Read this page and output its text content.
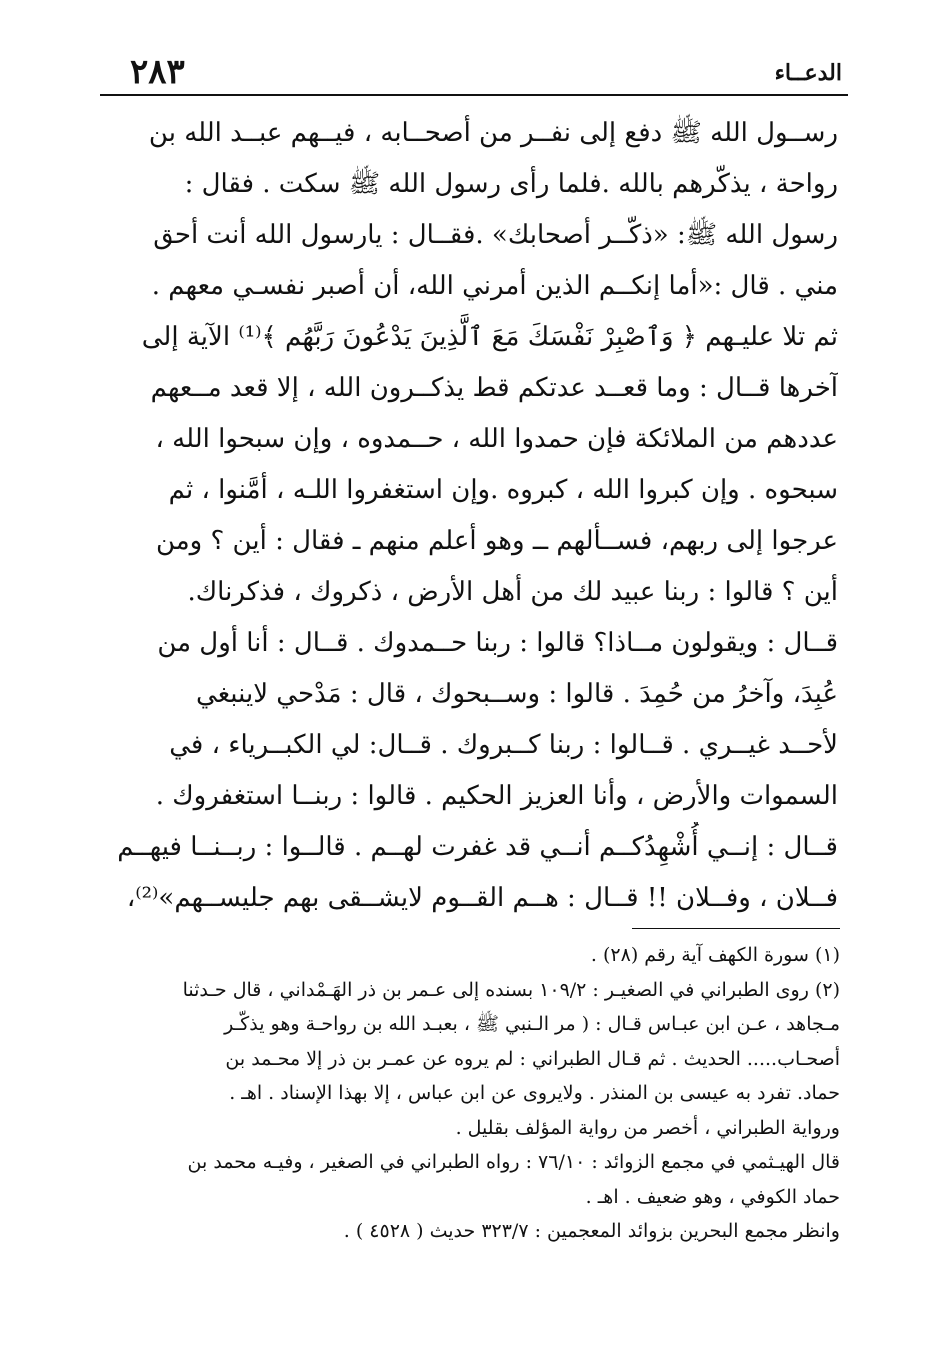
٢٨٣	الدعــاء
رســول الله ﷺ دفع إلى نفــر من أصحــابه ، فيــهم عبــد الله بن
رواحة ، يذكّرهم بالله .فلما رأى رسول الله ﷺ سكت . فقال :
رسول الله ﷺ: «ذكّــر أصحابك» .فقــال : يارسول الله أنت أحق
مني . قال :«أما إنكــم الذين أمرني الله، أن أصبر نفسـي معهم .
ثم تلا عليـهم ﴿ وَٱصْبِرْ نَفْسَكَ مَعَ ٱلَّذِينَ يَدْعُونَ رَبَّهُم ﴾⁽¹⁾ الآية إلى
آخرها قــال : وما قعــد عدتكم قط يذكــرون الله ، إلا قعد مــعهم
عددهم من الملائكة فإن حمدوا الله ، حــمدوه ، وإن سبحوا الله ،
سبحوه . وإن كبروا الله ، كبروه .وإن استغفروا اللـه ، أمَّنوا ، ثم
عرجوا إلى ربهم، فســألهم ــ وهو أعلم منهم ـ فقال : أين ؟ ومن
أين ؟ قالوا : ربنا عبيد لك من أهل الأرض ، ذكروك ، فذكرناك.
قــال : ويقولون مــاذا؟ قالوا : ربنا حــمدوك . قــال : أنا أول من
عُبِدَ، وآخرُ من حُمِدَ . قالوا : وســبحوك ، قال : مَدْحي لاينبغي
لأحــد غيــري . قــالوا : ربنا كــبروك . قــال: لي الكبــرياء ، في
السموات والأرض ، وأنا العزيز الحكيم . قالوا : ربنــا استغفروك .
قــال : إنــي أُشْهِدُكــم أنــي قد غفرت لهــم . قالــوا : ربــنــا فيهــم
فــلان ، وفــلان !! قــال : هــم القــوم لايشــقى بهم جليســهم»⁽²⁾،
(١) سورة الكهف آية رقم (٢٨) .
(٢) روى الطبراني في الصغيـر : ١٠٩/٢ بسنده إلى عـمر بن ذر الهَـمْداني ، قال حـدثنا
مـجاهد ، عـن ابن عبـاس قـال : ( مر الـنبي ﷺ ، بعبـد الله بن رواحـة وهو يذكّـر
أصحـاب..... الحديث . ثم قـال الطبراني : لم يروه عن عمـر بن ذر إلا محـمد بن
حماد. تفرد به عيسى بن المنذر . ولايروى عن ابن عباس ، إلا بهذا الإسناد . اهـ .
ورواية الطبراني ، أخصر من رواية المؤلف بقليل .
قال الهيـثمي في مجمع الزوائد : ٧٦/١٠ : رواه الطبراني في الصغير ، وفيـه محمد بن
حماد الكوفي ، وهو ضعيف . اهـ .
وانظر مجمع البحرين بزوائد المعجمين : ٣٢٣/٧ حديث ( ٤٥٢٨ ) .
